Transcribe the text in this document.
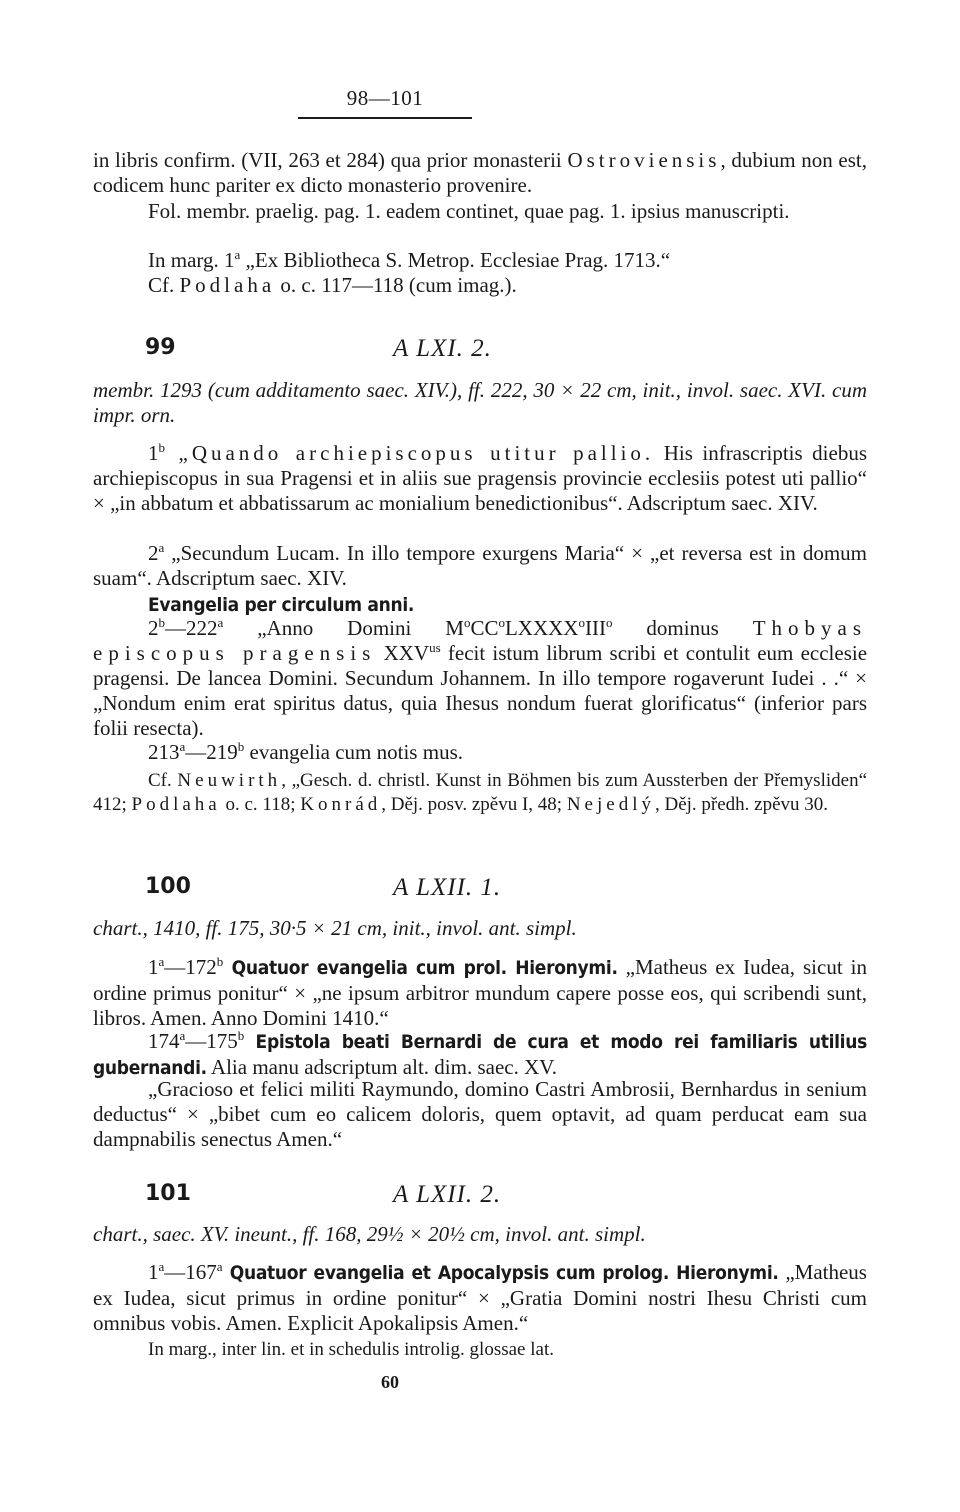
98—101
in libris confirm. (VII, 263 et 284) qua prior monasterii Ostroviensis, dubium non est, codicem hunc pariter ex dicto monasterio provenire.
Fol. membr. praelig. pag. 1. eadem continet, quae pag. 1. ipsius manuscripti.
In marg. 1$^a$ „Ex Bibliotheca S. Metrop. Ecclesiae Prag. 1713.“
Cf. Podlaha o. c. 117—118 (cum imag.).
99	A LXI. 2.
membr. 1293 (cum additamento saec. XIV.), ff. 222, 30 × 22 cm, init., invol. saec. XVI. cum impr. orn.
1$^b$ „Quando archiepiscopus utitur pallio. His infrascriptis diebus archiepiscopus in sua Pragensi et in aliis sue pragensis provincie ecclesiis potest uti pallio“ × „in abbatum et abbatissarum ac monialium benedictionibus“. Adscriptum saec. XIV.
2$^a$ „Secundum Lucam. In illo tempore exurgens Maria“ × „et reversa est in domum suam“. Adscriptum saec. XIV.
Evangelia per circulum anni.
2$^b$—222$^a$ „Anno Domini $M^oCC^oLXXXX^oIII^o$ dominus Thobyas episcopus pragensis $XXV^{us}$ fecit istum librum scribi et contulit eum ecclesie pragensi. De lancea Domini. Secundum Johannem. In illo tempore rogaverunt Iudei . .“ × „Nondum enim erat spiritus datus, quia Ihesus nondum fuerat glorificatus“ (inferior pars folii resecta).
213$^a$—219$^b$ evangelia cum notis mus.
Cf. Neuwirth, „Gesch. d. christl. Kunst in Böhmen bis zum Aussterben der Přemysliden“ 412; Podlaha o. c. 118; Konrád, Děj. posv. zpěvu I, 48; Nejedlý, Děj. předh. zpěvu 30.
100	A LXII. 1.
chart., 1410, ff. 175, 30·5 × 21 cm, init., invol. ant. simpl.
1$^a$—172$^b$ Quatuor evangelia cum prol. Hieronymi. „Matheus ex Iudea, sicut in ordine primus ponitur“ × „ne ipsum arbitror mundum capere posse eos, qui scribendi sunt, libros. Amen. Anno Domini 1410.“
174$^a$—175$^b$ Epistola beati Bernardi de cura et modo rei familiaris utilius gubernandi. Alia manu adscriptum alt. dim. saec. XV.
„Gracioso et felici militi Raymundo, domino Castri Ambrosii, Bernhardus in senium deductus“ × „bibet cum eo calicem doloris, quem optavit, ad quam perducat eam sua dampnabilis senectus Amen.“
101	A LXII. 2.
chart., saec. XV. ineunt., ff. 168, 29½ × 20½ cm, invol. ant. simpl.
1$^a$—167$^a$ Quatuor evangelia et Apocalypsis cum prolog. Hieronymi. „Matheus ex Iudea, sicut primus in ordine ponitur“ × „Gratia Domini nostri Ihesu Christi cum omnibus vobis. Amen. Explicit Apokalipsis Amen.“
In marg., inter lin. et in schedulis introlig. glossae lat.
60
